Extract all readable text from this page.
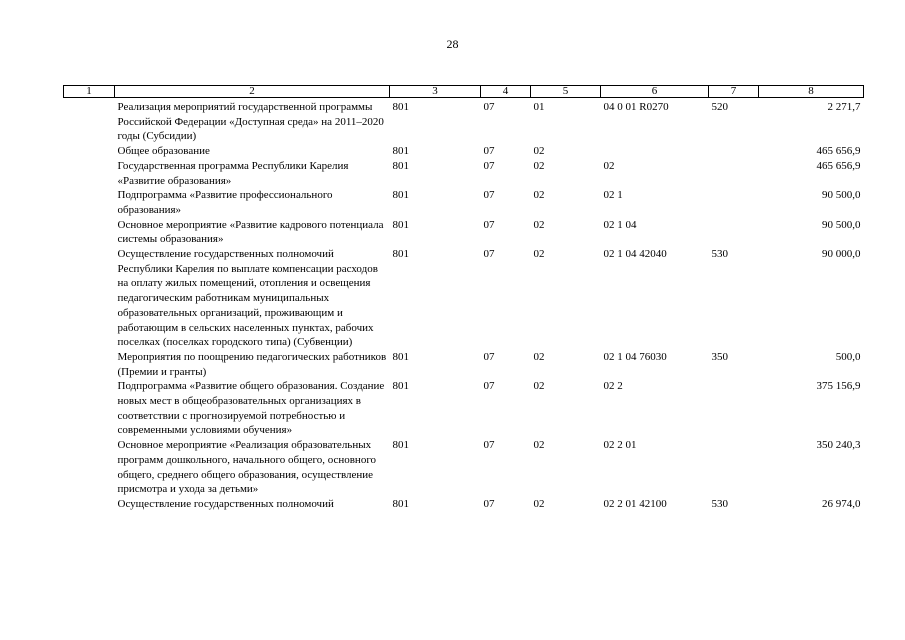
28
1	2	3	4	5	6	7	8
	Реализация мероприятий государственной программы Российской Федерации «Доступная среда» на 2011–2020 годы (Субсидии)	801	07	01	04 0 01 R0270	520	2 271,7
	Общее образование	801	07	02			465 656,9
	Государственная программа Республики Карелия «Развитие образования»	801	07	02	02		465 656,9
	Подпрограмма «Развитие профессионального образования»	801	07	02	02 1		90 500,0
	Основное мероприятие «Развитие кадрового потенциала системы образования»	801	07	02	02 1 04		90 500,0
	Осуществление государственных полномочий Республики Карелия по выплате компенсации расходов на оплату жилых помещений, отопления и освещения педагогическим работникам муниципальных образовательных организаций, проживающим и работающим в сельских населенных пунктах, рабочих поселках (поселках городского типа) (Субвенции)	801	07	02	02 1 04 42040	530	90 000,0
	Мероприятия по поощрению педагогических работников (Премии и гранты)	801	07	02	02 1 04 76030	350	500,0
	Подпрограмма «Развитие общего образования. Создание новых мест в общеобразовательных организациях в соответствии с прогнозируемой потребностью и современными условиями обучения»	801	07	02	02 2		375 156,9
	Основное мероприятие «Реализация образовательных программ дошкольного, начального общего, основного общего, среднего общего образования, осуществление присмотра и ухода за детьми»	801	07	02	02 2 01		350 240,3
	Осуществление государственных полномочий	801	07	02	02 2 01 42100	530	26 974,0
